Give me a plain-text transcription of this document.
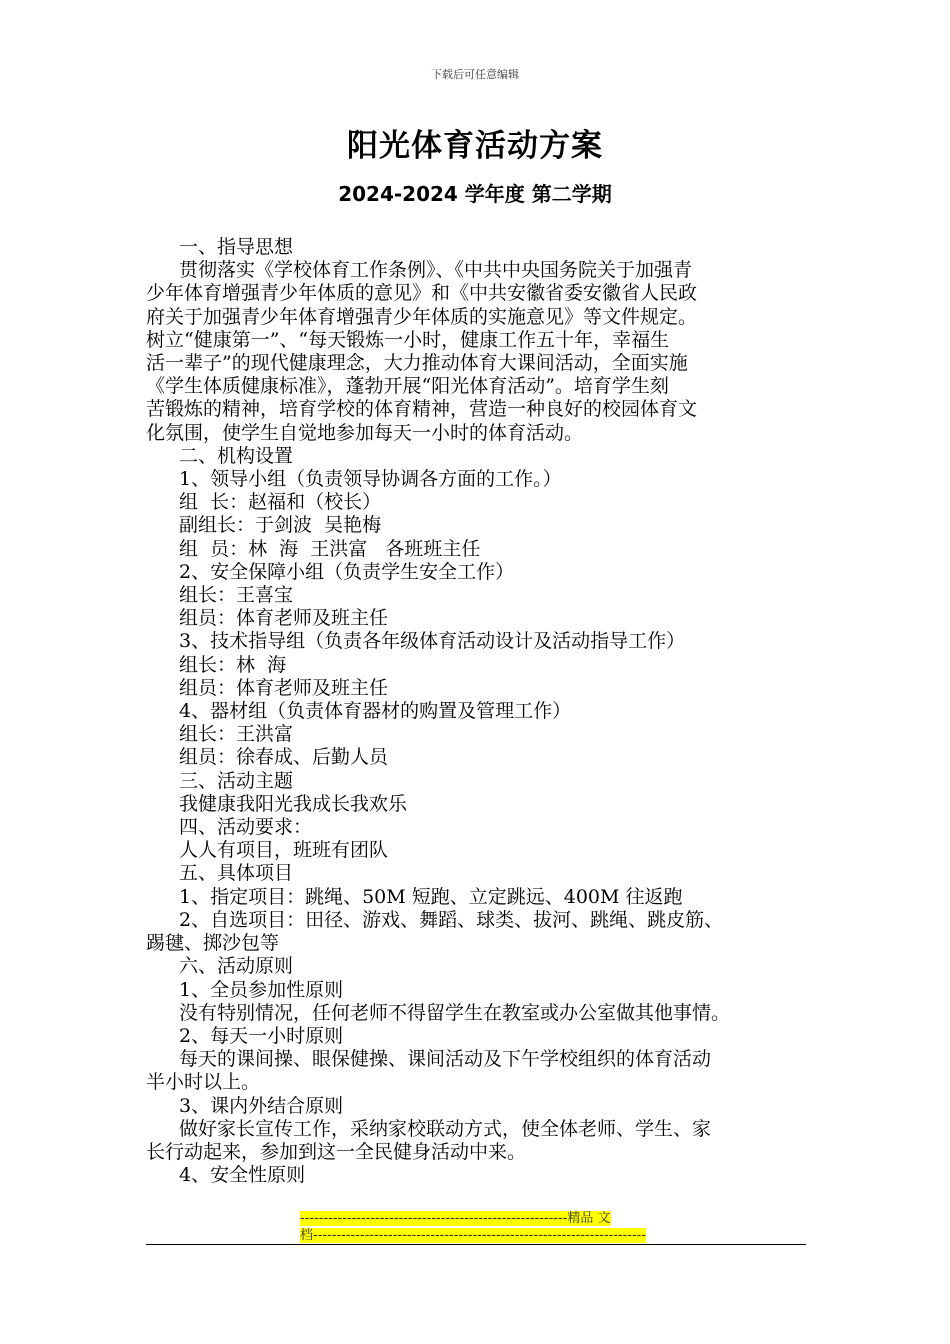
下载后可任意编辑
阳光体育活动方案
2024-2024 学年度 第二学期
一、指导思想
贯彻落实《学校体育工作条例》、《中共中央国务院关于加强青
少年体育增强青少年体质的意见》和《中共安徽省委安徽省人民政
府关于加强青少年体育增强青少年体质的实施意见》等文件规定。
树立“健康第一”、“每天锻炼一小时，健康工作五十年，幸福生
活一辈子”的现代健康理念，大力推动体育大课间活动，全面实施
《学生体质健康标准》，蓬勃开展“阳光体育活动”。培育学生刻
苦锻炼的精神，培育学校的体育精神，营造一种良好的校园体育文
化氛围，使学生自觉地参加每天一小时的体育活动。
二、机构设置
1、领导小组（负责领导协调各方面的工作。）
组  长：赵福和（校长）
副组长：于剑波  吴艳梅
组  员：林  海  王洪富   各班班主任
2、安全保障小组（负责学生安全工作）
组长：王喜宝
组员：体育老师及班主任
3、技术指导组（负责各年级体育活动设计及活动指导工作）
组长：林  海
组员：体育老师及班主任
4、器材组（负责体育器材的购置及管理工作）
组长：王洪富
组员：徐春成、后勤人员
三、活动主题
我健康我阳光我成长我欢乐
四、活动要求：
人人有项目，班班有团队
五、具体项目
1、指定项目：跳绳、50M 短跑、立定跳远、400M 往返跑
2、自选项目：田径、游戏、舞蹈、球类、拔河、跳绳、跳皮筋、
踢毽、掷沙包等
六、活动原则
1、全员参加性原则
没有特别情况，任何老师不得留学生在教室或办公室做其他事情。
2、每天一小时原则
每天的课间操、眼保健操、课间活动及下午学校组织的体育活动
半小时以上。
3、课内外结合原则
做好家长宣传工作，采纳家校联动方式，使全体老师、学生、家
长行动起来，参加到这一全民健身活动中来。
4、安全性原则
---------------------------------------------------------精品 文
档-----------------------------------------------------------------------
